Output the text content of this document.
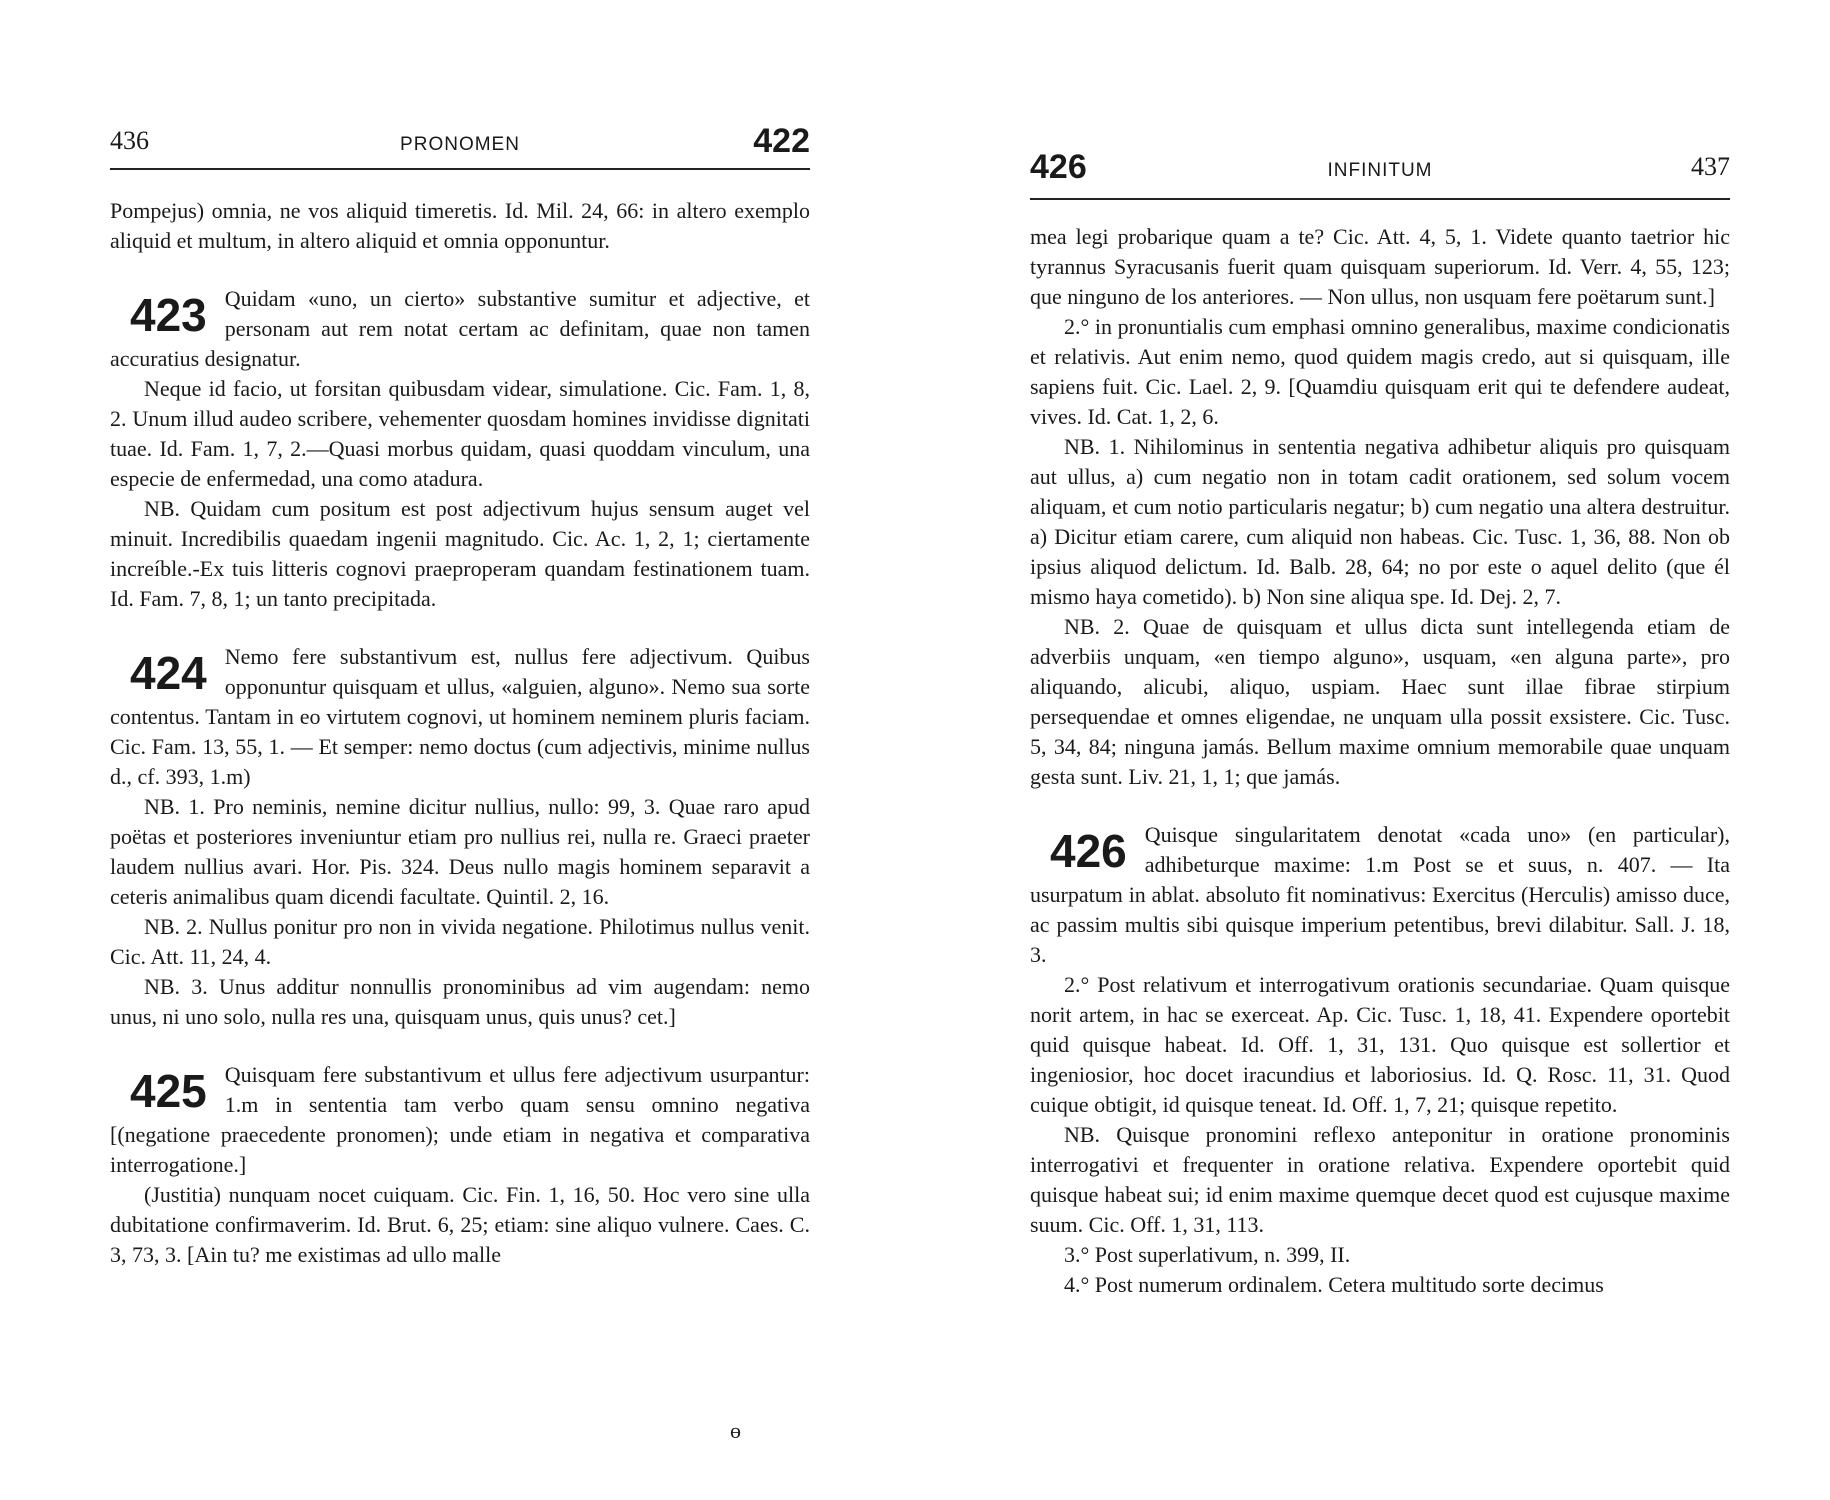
436	PRONOMEN	422

Pompejus) omnia, ne vos aliquid timeretis. Id. Mil. 24, 66: in altero exemplo aliquid et multum, in altero aliquid et omnia opponuntur.

423 Quidam «uno, un cierto» substantive sumitur et adjective, et personam aut rem notat certam ac definitam, quae non tamen accuratius designatur.

Neque id facio, ut forsitan quibusdam videar, simulatione. Cic. Fam. 1, 8, 2. Unum illud audeo scribere, vehementer quosdam homines invidisse dignitati tuae. Id. Fam. 1, 7, 2.—Quasi morbus quidam, quasi quoddam vinculum, una especie de enfermedad, una como atadura.

NB. Quidam cum positum est post adjectivum hujus sensum auget vel minuit. Incredibilis quaedam ingenii magnitudo. Cic. Ac. 1, 2, 1; ciertamente increíble.-Ex tuis litteris cognovi praeproperam quandam festinationem tuam. Id. Fam. 7, 8, 1; un tanto precipitada.

424 Nemo fere substantivum est, nullus fere adjectivum. Quibus opponuntur quisquam et ullus, «alguien, alguno». Nemo sua sorte contentus. Tantam in eo virtutem cognovi, ut hominem neminem pluris faciam. Cic. Fam. 13, 55, 1. — Et semper: nemo doctus (cum adjectivis, minime nullus d., cf. 393, 1.m)

NB. 1. Pro neminis, nemine dicitur nullius, nullo: 99, 3. Quae raro apud poëtas et posteriores inveniuntur etiam pro nullius rei, nulla re. Graeci praeter laudem nullius avari. Hor. Pis. 324. Deus nullo magis hominem separavit a ceteris animalibus quam dicendi facultate. Quintil. 2, 16.

NB. 2. Nullus ponitur pro non in vivida negatione. Philotimus nullus venit. Cic. Att. 11, 24, 4.

NB. 3. Unus additur nonnullis pronominibus ad vim augendam: nemo unus, ni uno solo, nulla res una, quisquam unus, quis unus? cet.]

425 Quisquam fere substantivum et ullus fere adjectivum usurpantur: 1.m in sententia tam verbo quam sensu omnino negativa [(negatione praecedente pronomen); unde etiam in negativa et comparativa interrogatione.]

(Justitia) nunquam nocet cuiquam. Cic. Fin. 1, 16, 50. Hoc vero sine ulla dubitatione confirmaverim. Id. Brut. 6, 25; etiam: sine aliquo vulnere. Caes. C. 3, 73, 3. [Ain tu? me existimas ad ullo malle

ɵ
426	INFINITUM	437

mea legi probarique quam a te? Cic. Att. 4, 5, 1. Videte quanto taetrior hic tyrannus Syracusanis fuerit quam quisquam superiorum. Id. Verr. 4, 55, 123; que ninguno de los anteriores. — Non ullus, non usquam fere poëtarum sunt.]

2.° in pronuntialis cum emphasi omnino generalibus, maxime condicionatis et relativis. Aut enim nemo, quod quidem magis credo, aut si quisquam, ille sapiens fuit. Cic. Lael. 2, 9. [Quamdiu quisquam erit qui te defendere audeat, vives. Id. Cat. 1, 2, 6.

NB. 1. Nihilominus in sententia negativa adhibetur aliquis pro quisquam aut ullus, a) cum negatio non in totam cadit orationem, sed solum vocem aliquam, et cum notio particularis negatur; b) cum negatio una altera destruitur. a) Dicitur etiam carere, cum aliquid non habeas. Cic. Tusc. 1, 36, 88. Non ob ipsius aliquod delictum. Id. Balb. 28, 64; no por este o aquel delito (que él mismo haya cometido). b) Non sine aliqua spe. Id. Dej. 2, 7.

NB. 2. Quae de quisquam et ullus dicta sunt intellegenda etiam de adverbiis unquam, «en tiempo alguno», usquam, «en alguna parte», pro aliquando, alicubi, aliquo, uspiam. Haec sunt illae fibrae stirpium persequendae et omnes eligendae, ne unquam ulla possit exsistere. Cic. Tusc. 5, 34, 84; ninguna jamás. Bellum maxime omnium memorabile quae unquam gesta sunt. Liv. 21, 1, 1; que jamás.

426 Quisque singularitatem denotat «cada uno» (en particular), adhibeturque maxime: 1.m Post se et suus, n. 407. — Ita usurpatum in ablat. absoluto fit nominativus: Exercitus (Herculis) amisso duce, ac passim multis sibi quisque imperium petentibus, brevi dilabitur. Sall. J. 18, 3.

2.° Post relativum et interrogativum orationis secundariae. Quam quisque norit artem, in hac se exerceat. Ap. Cic. Tusc. 1, 18, 41. Expendere oportebit quid quisque habeat. Id. Off. 1, 31, 131. Quo quisque est sollertior et ingeniosior, hoc docet iracundius et laboriosius. Id. Q. Rosc. 11, 31. Quod cuique obtigit, id quisque teneat. Id. Off. 1, 7, 21; quisque repetito.

NB. Quisque pronomini reflexo anteponitur in oratione pronominis interrogativi et frequenter in oratione relativa. Expendere oportebit quid quisque habeat sui; id enim maxime quemque decet quod est cujusque maxime suum. Cic. Off. 1, 31, 113.

3.° Post superlativum, n. 399, II.

4.° Post numerum ordinalem. Cetera multitudo sorte decimus
